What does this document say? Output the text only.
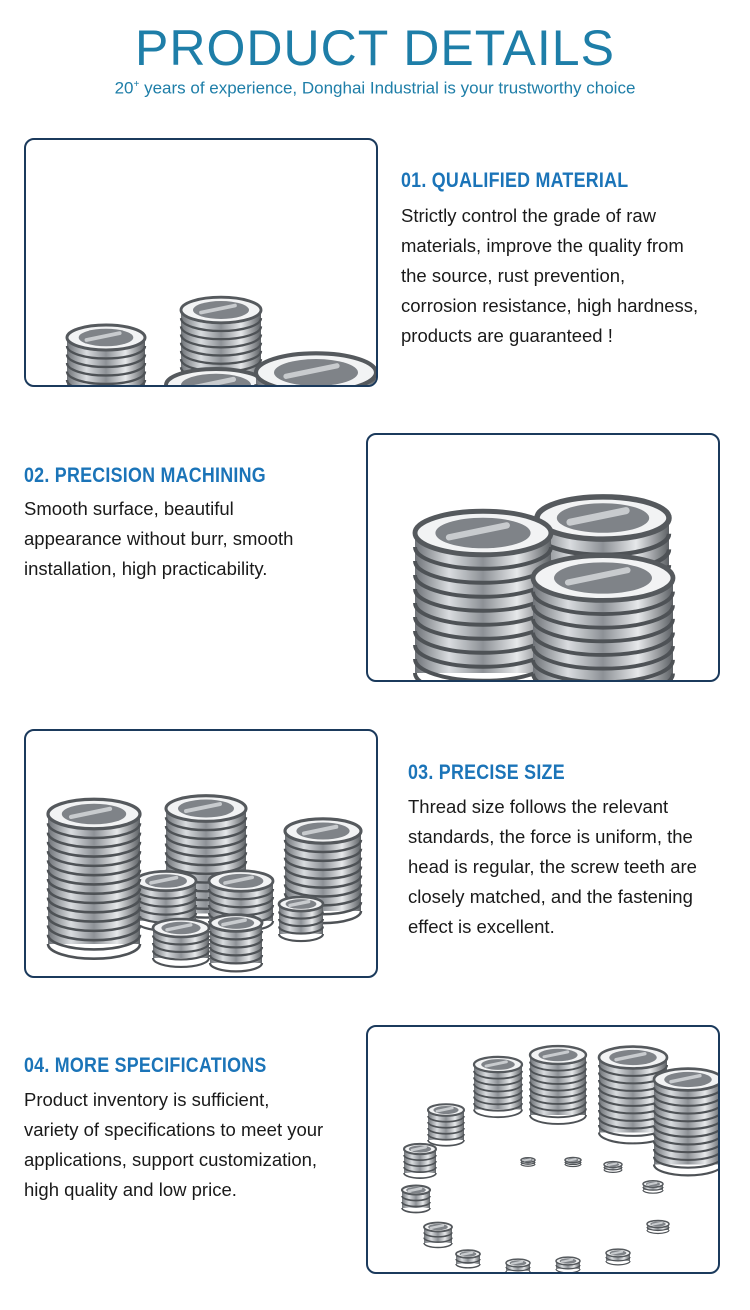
PRODUCT DETAILS
20+ years of experience, Donghai Industrial is your trustworthy choice
01. QUALIFIED MATERIAL
Strictly control the grade of raw
materials, improve the quality from
the source, rust prevention,
corrosion resistance, high hardness,
products are guaranteed !
02. PRECISION MACHINING
Smooth surface, beautiful
appearance without burr, smooth
installation, high practicability.
03. PRECISE SIZE
Thread size follows the relevant
standards, the force is uniform, the
head is regular, the screw teeth are
closely matched, and the fastening
effect is excellent.
04. MORE SPECIFICATIONS
Product inventory is sufficient,
variety of specifications to meet your
applications, support customization,
high quality and low price.
